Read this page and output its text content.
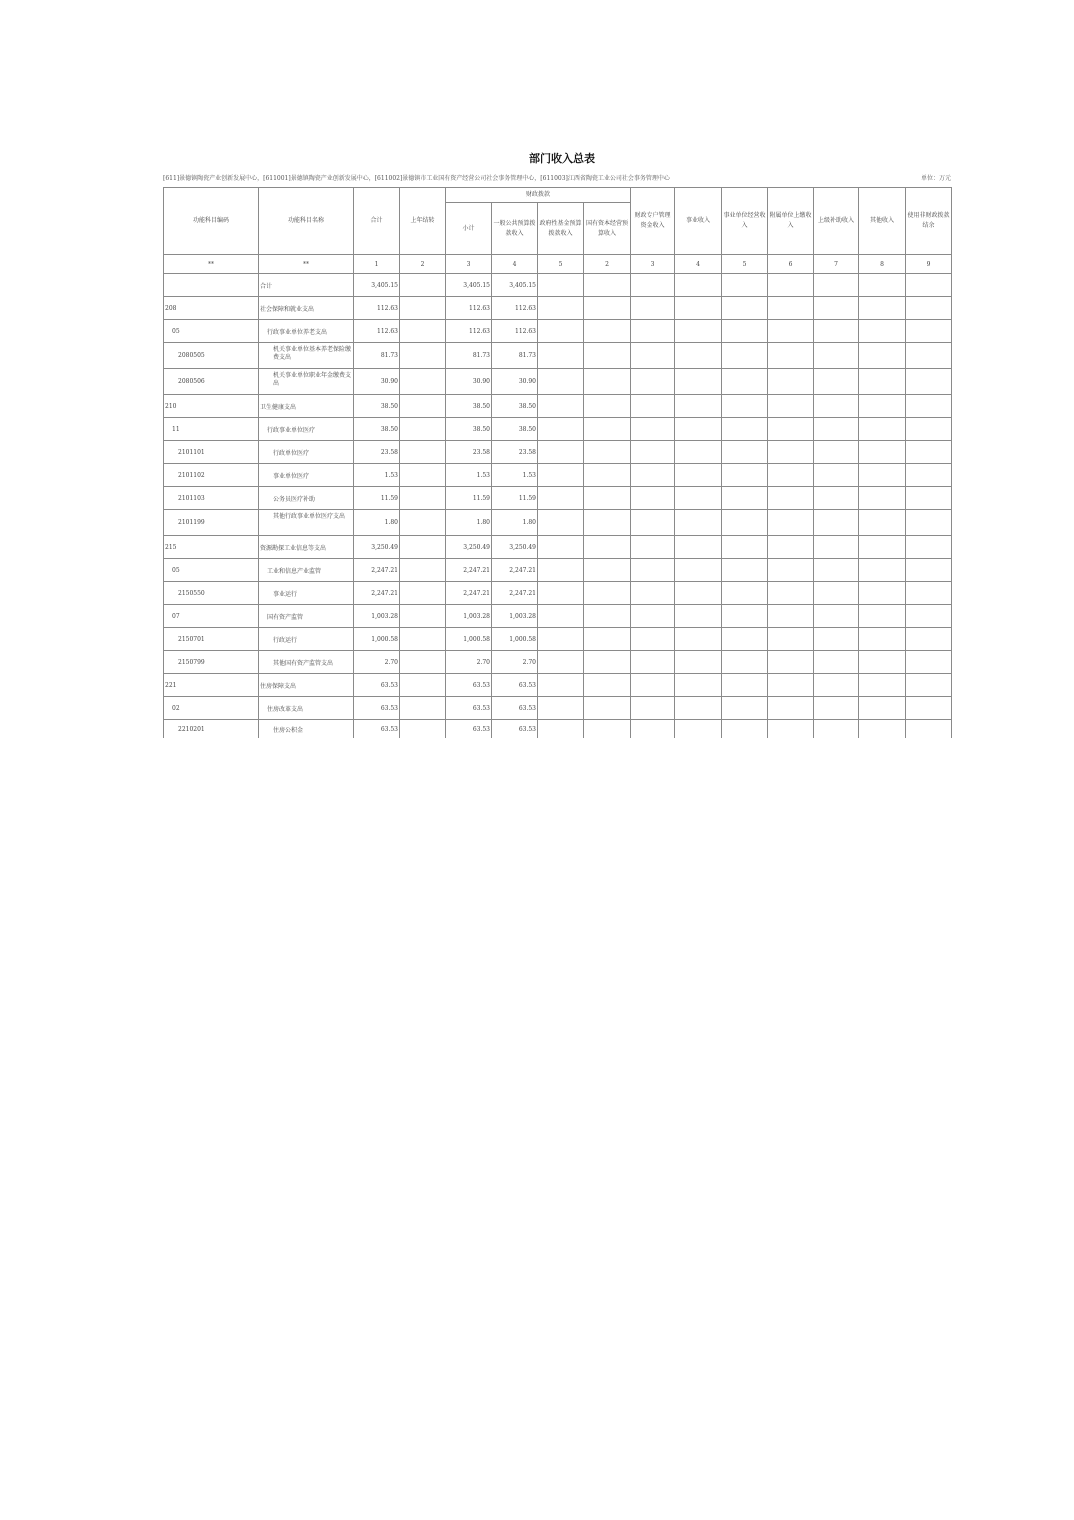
部门收入总表
[611]景德镇陶瓷产业创新发展中心，[611001]景德镇陶瓷产业创新发展中心，[611002]景德镇市工业国有资产经营公司社会事务管理中心，[611003]江西省陶瓷工业公司社会事务管理中心	单位：万元
功能科目编码	功能科目名称	合计	上年结转	财政拨款				财政专户管理资金收入	事业收入	事业单位经营收入	附属单位上缴收入	上级补助收入	其他收入	使用非财政拨款结余
				小计	一般公共预算拨款收入	政府性基金预算拨款收入	国有资本经营预算收入							
**	**	1	2	3	4	5	2	3	4	5	6	7	8	9
	合计	3,405.15		3,405.15	3,405.15									
208	社会保障和就业支出	112.63		112.63	112.63									
05	行政事业单位养老支出	112.63		112.63	112.63									
2080505	机关事业单位基本养老保险缴费支出	81.73		81.73	81.73									
2080506	机关事业单位职业年金缴费支出	30.90		30.90	30.90									
210	卫生健康支出	38.50		38.50	38.50									
11	行政事业单位医疗	38.50		38.50	38.50									
2101101	行政单位医疗	23.58		23.58	23.58									
2101102	事业单位医疗	1.53		1.53	1.53									
2101103	公务员医疗补助	11.59		11.59	11.59									
2101199	其他行政事业单位医疗支出	1.80		1.80	1.80									
215	资源勘探工业信息等支出	3,250.49		3,250.49	3,250.49									
05	工业和信息产业监管	2,247.21		2,247.21	2,247.21									
2150550	事业运行	2,247.21		2,247.21	2,247.21									
07	国有资产监管	1,003.28		1,003.28	1,003.28									
2150701	行政运行	1,000.58		1,000.58	1,000.58									
2150799	其他国有资产监管支出	2.70		2.70	2.70									
221	住房保障支出	63.53		63.53	63.53									
02	住房改革支出	63.53		63.53	63.53									
2210201	住房公积金	63.53		63.53	63.53									
